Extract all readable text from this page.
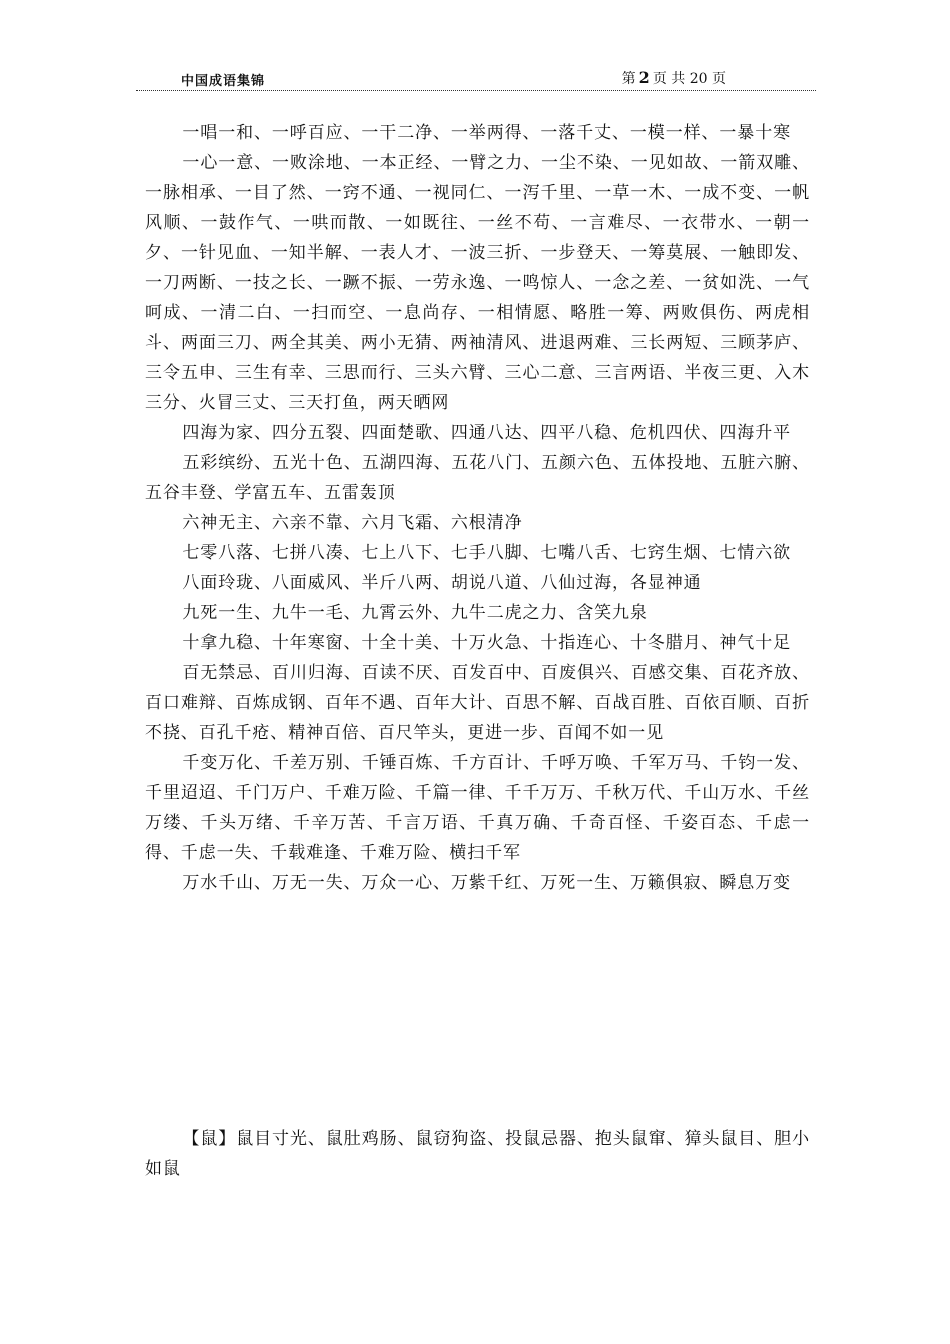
中国成语集锦	第 2 页 共 20 页

一唱一和、一呼百应、一干二净、一举两得、一落千丈、一模一样、一暴十寒

一心一意、一败涂地、一本正经、一臂之力、一尘不染、一见如故、一箭双雕、一脉相承、一目了然、一窍不通、一视同仁、一泻千里、一草一木、一成不变、一帆风顺、一鼓作气、一哄而散、一如既往、一丝不苟、一言难尽、一衣带水、一朝一夕、一针见血、一知半解、一表人才、一波三折、一步登天、一筹莫展、一触即发、一刀两断、一技之长、一蹶不振、一劳永逸、一鸣惊人、一念之差、一贫如洗、一气呵成、一清二白、一扫而空、一息尚存、一相情愿、略胜一筹、两败俱伤、两虎相斗、两面三刀、两全其美、两小无猜、两袖清风、进退两难、三长两短、三顾茅庐、三令五申、三生有幸、三思而行、三头六臂、三心二意、三言两语、半夜三更、入木三分、火冒三丈、三天打鱼，两天晒网

四海为家、四分五裂、四面楚歌、四通八达、四平八稳、危机四伏、四海升平

五彩缤纷、五光十色、五湖四海、五花八门、五颜六色、五体投地、五脏六腑、五谷丰登、学富五车、五雷轰顶

六神无主、六亲不靠、六月飞霜、六根清净

七零八落、七拼八凑、七上八下、七手八脚、七嘴八舌、七窍生烟、七情六欲

八面玲珑、八面威风、半斤八两、胡说八道、八仙过海，各显神通

九死一生、九牛一毛、九霄云外、九牛二虎之力、含笑九泉

十拿九稳、十年寒窗、十全十美、十万火急、十指连心、十冬腊月、神气十足

百无禁忌、百川归海、百读不厌、百发百中、百废俱兴、百感交集、百花齐放、百口难辩、百炼成钢、百年不遇、百年大计、百思不解、百战百胜、百依百顺、百折不挠、百孔千疮、精神百倍、百尺竿头，更进一步、百闻不如一见

千变万化、千差万别、千锤百炼、千方百计、千呼万唤、千军万马、千钧一发、千里迢迢、千门万户、千难万险、千篇一律、千千万万、千秋万代、千山万水、千丝万缕、千头万绪、千辛万苦、千言万语、千真万确、千奇百怪、千姿百态、千虑一得、千虑一失、千载难逢、千难万险、横扫千军

万水千山、万无一失、万众一心、万紫千红、万死一生、万籁俱寂、瞬息万变

【鼠】鼠目寸光、鼠肚鸡肠、鼠窃狗盗、投鼠忌器、抱头鼠窜、獐头鼠目、胆小如鼠
